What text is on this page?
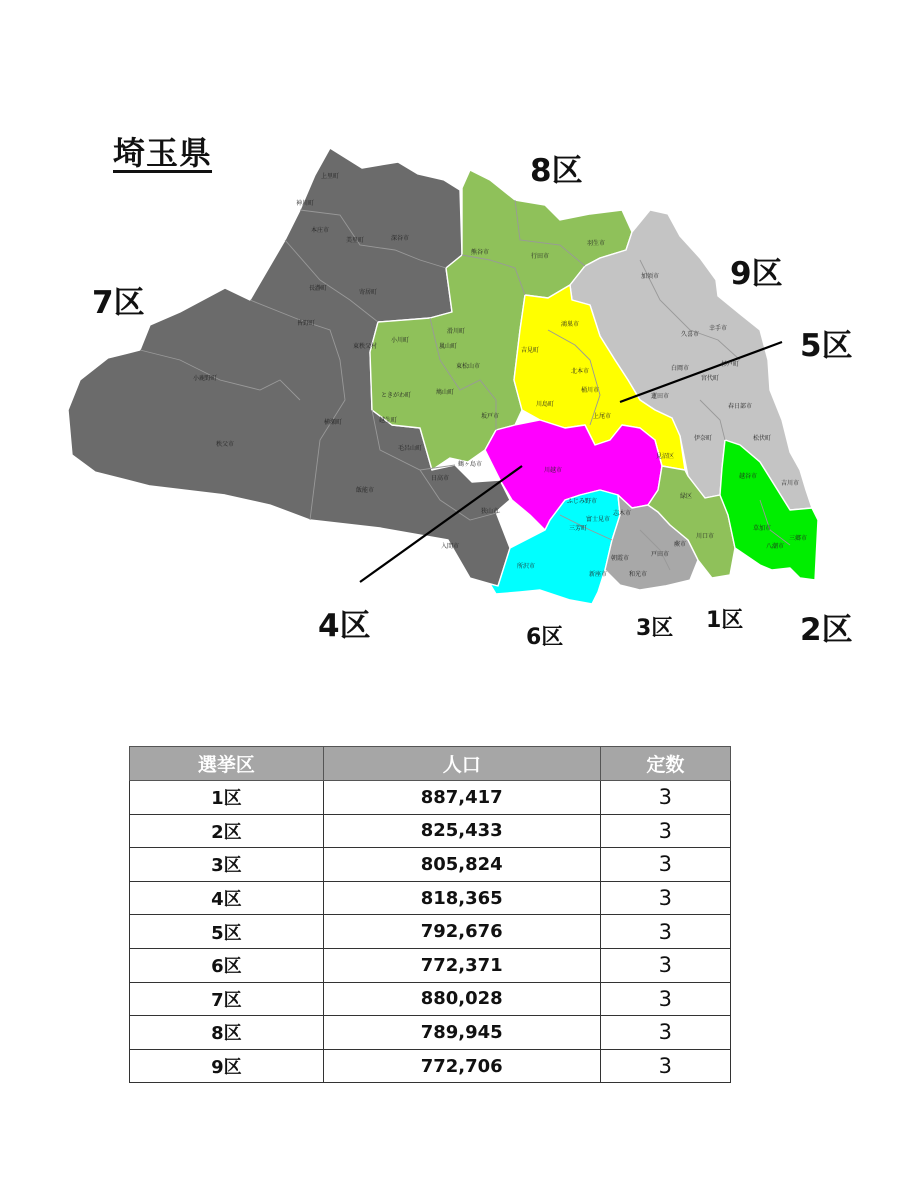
上里町
神川町
本庄市
美里町	深谷市
長瀞町
寄居町
皆野町
東秩父村
小鹿野町
横瀬町
秩父市
飯能市
毛呂山町
越生町
鶴ヶ島市
日高市
坂戸市
狭山市
入間市
熊谷市
行田市
羽生市
滑川町
嵐山町
小川町
東松山市
ときがわ町
吉見町
鳩山町
鴻巣市
北本市
桶川市
上尾市
川島町
川越市
所沢市
三芳町
ふじみ野市
富士見市
新座市
朝霞市
和光市
志木市
戸田市
蕨市
川口市
緑区
見沼区
越谷市
草加市
八潮市
三郷市
加須市
久喜市
幸手市
杉戸町
白岡市
宮代町
春日部市
蓮田市
松伏町
吉川市
伊奈町
埼玉県	8区
7区
9区
5区
4区	6区	3区 1区 2区
選挙区	人口	定数
1区	887,417	3
2区	825,433	3
3区	805,824	3
4区	818,365	3
5区	792,676	3
6区	772,371	3
7区	880,028	3
8区	789,945	3
9区	772,706	3
